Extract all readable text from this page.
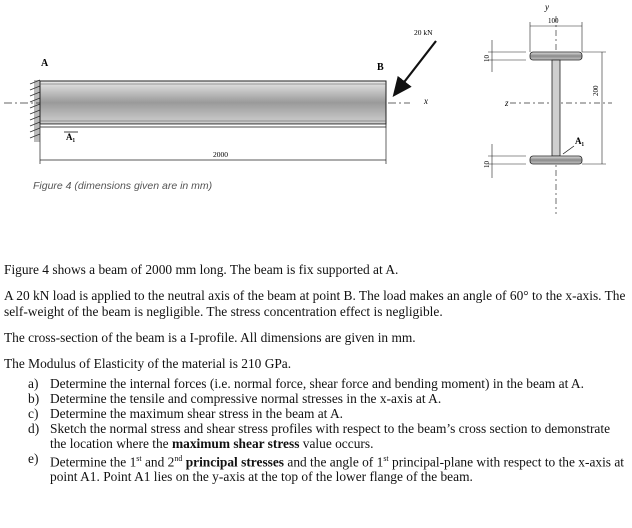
A	B
A₁
2000
20 kN
x	z
y
100
200
10
10
A₁
Figure 4 (dimensions given are in mm)

Figure 4 shows a beam of 2000 mm long. The beam is fix supported at A.

A 20 kN load is applied to the neutral axis of the beam at point B. The load makes an angle of 60° to the x-axis. The self-weight of the beam is negligible. The stress concentration effect is negligible.

The cross-section of the beam is a I-profile. All dimensions are given in mm.

The Modulus of Elasticity of the material is 210 GPa.

a) Determine the internal forces (i.e. normal force, shear force and bending moment) in the beam at A.
b) Determine the tensile and compressive normal stresses in the x-axis at A.
c) Determine the maximum shear stress in the beam at A.
d) Sketch the normal stress and shear stress profiles with respect to the beam’s cross section to demonstrate the location where the maximum shear stress value occurs.
e) Determine the 1st and 2nd principal stresses and the angle of 1st principal-plane with respect to the x-axis at point A1. Point A1 lies on the y-axis at the top of the lower flange of the beam.
